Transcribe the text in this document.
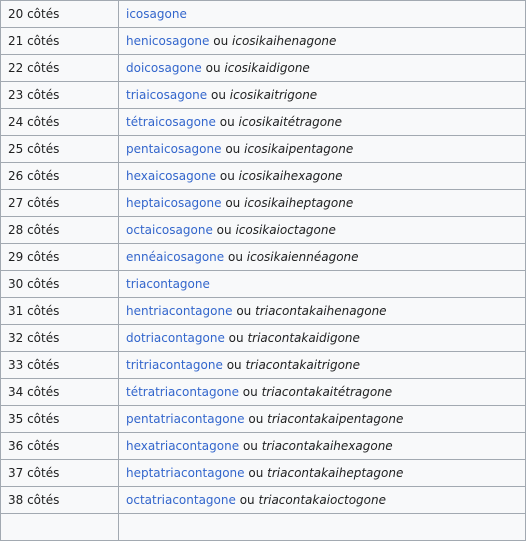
20 côtés	icosagone
21 côtés	henicosagone ou icosikaihenagone
22 côtés	doicosagone ou icosikaidigone
23 côtés	triaicosagone ou icosikaitrigone
24 côtés	tétraicosagone ou icosikaitétragone
25 côtés	pentaicosagone ou icosikaipentagone
26 côtés	hexaicosagone ou icosikaihexagone
27 côtés	heptaicosagone ou icosikaiheptagone
28 côtés	octaicosagone ou icosikaioctagone
29 côtés	ennéaicosagone ou icosikaiennéagone
30 côtés	triacontagone
31 côtés	hentriacontagone ou triacontakaihenagone
32 côtés	dotriacontagone ou triacontakaidigone
33 côtés	tritriacontagone ou triacontakaitrigone
34 côtés	tétratriacontagone ou triacontakaitétragone
35 côtés	pentatriacontagone ou triacontakaipentagone
36 côtés	hexatriacontagone ou triacontakaihexagone
37 côtés	heptatriacontagone ou triacontakaiheptagone
38 côtés	octatriacontagone ou triacontakaioctogone
